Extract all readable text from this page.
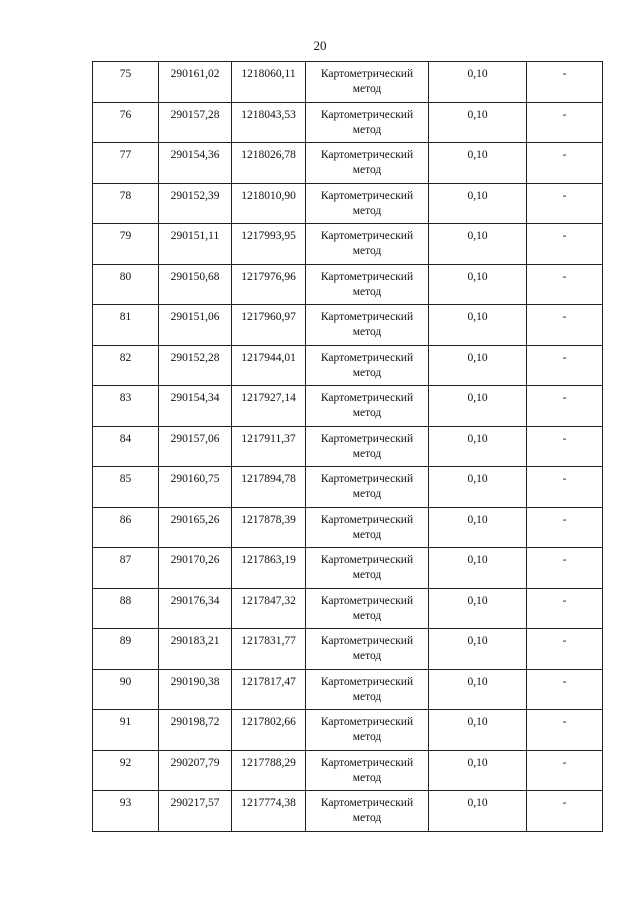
20
75	290161,02	1218060,11	Картометрический
метод	0,10	-

76	290157,28	1218043,53	Картометрический
метод	0,10	-

77	290154,36	1218026,78	Картометрический
метод	0,10	-

78	290152,39	1218010,90	Картометрический
метод	0,10	-

79	290151,11	1217993,95	Картометрический
метод	0,10	-

80	290150,68	1217976,96	Картометрический
метод	0,10	-

81	290151,06	1217960,97	Картометрический
метод	0,10	-

82	290152,28	1217944,01	Картометрический
метод	0,10	-

83	290154,34	1217927,14	Картометрический
метод	0,10	-

84	290157,06	1217911,37	Картометрический
метод	0,10	-

85	290160,75	1217894,78	Картометрический
метод	0,10	-

86	290165,26	1217878,39	Картометрический
метод	0,10	-

87	290170,26	1217863,19	Картометрический
метод	0,10	-

88	290176,34	1217847,32	Картометрический
метод	0,10	-

89	290183,21	1217831,77	Картометрический
метод	0,10	-

90	290190,38	1217817,47	Картометрический
метод	0,10	-

91	290198,72	1217802,66	Картометрический
метод	0,10	-

92	290207,79	1217788,29	Картометрический
метод	0,10	-

93	290217,57	1217774,38	Картометрический
метод	0,10	-
